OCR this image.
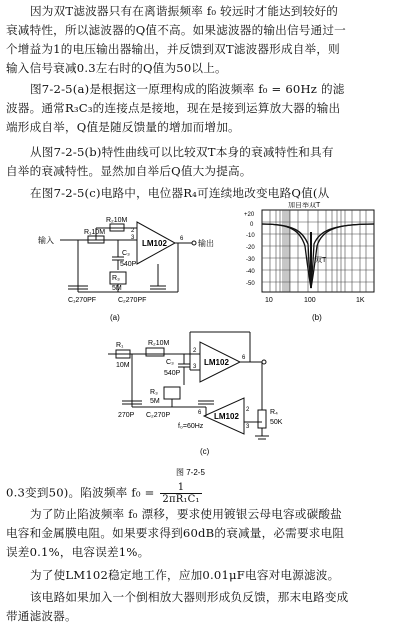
因为双T滤波器只有在离谐振频率 f₀ 较远时才能达到较好的
衰减特性，所以滤波器的Q值不高。如果滤波器的输出信号通过一
个增益为1的电压输出器输出，并反馈到双T滤波器形成自举，则
输入信号衰减0.3左右时的Q值为50以上。
图7-2-5(a)是根据这一原理构成的陷波频率 f₀ = 60Hz 的滤
波器。通常R₃C₃的连接点是接地，现在是接到运算放大器的输出
端形成自举，Q值是随反馈量的增加而增加。
从图7-2-5(b)特性曲线可以比较双T本身的衰减特性和具有
自举的衰减特性。显然加自举后Q值大为提高。
在图7-2-5(c)电路中，电位器R₄可连续地改变电路Q值(从
输入	输出
R₂10M
R₁10M
C₃
540P
R₃
5M
C₁270PF	C₂270PF
LM102
2
3	6
(a)
加自举双T
双T
+20
0
-10
-20
-30
-40
-50
10	100	1K
(b)
R₁
10M
R₂10M
C₃
540P
R₃
5M
270P C₂270P
f₀=60Hz
R₄
50K
LM102
LM102
2
3
6
2
3
6
(c)
图 7-2-5
0.3变到50)。陷波频率 $f_0 = \frac{1}{\text{2πR₁C₁}}$
为了防止陷波频率 f₀ 漂移，要求使用镀银云母电容或碳酸盐
电容和金属膜电阻。如果要求得到60dB的衰减量，必需要求电阻
误差0.1%，电容误差1%。
为了使LM102稳定地工作，应加0.01μF电容对电源滤波。
该电路如果加入一个倒相放大器则形成负反馈，那末电路变成
带通滤波器。
